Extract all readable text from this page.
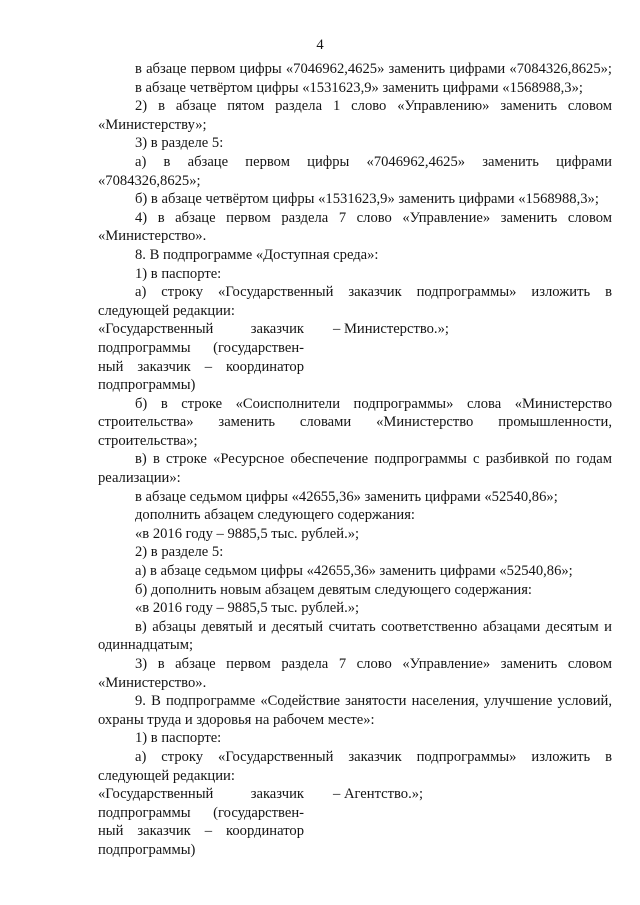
4

в абзаце первом цифры «7046962,4625» заменить цифрами «7084326,8625»;

в абзаце четвёртом цифры «1531623,9» заменить цифрами «1568988,3»;

2) в абзаце пятом раздела 1 слово «Управлению» заменить словом «Министерству»;

3) в разделе 5:

а) в абзаце первом цифры «7046962,4625» заменить цифрами «7084326,8625»;

б) в абзаце четвёртом цифры «1531623,9» заменить цифрами «1568988,3»;

4) в абзаце первом раздела 7 слово «Управление» заменить словом «Министерство».

8. В подпрограмме «Доступная среда»:

1) в паспорте:

а) строку «Государственный заказчик подпрограммы» изложить в следующей редакции:

«Государственный заказчик
подпрограммы (государствен-
ный заказчик – координатор
подпрограммы)
– Министерство.»;

б) в строке «Соисполнители подпрограммы» слова «Министерство строительства» заменить словами «Министерство промышленности, строительства»;

в) в строке «Ресурсное обеспечение подпрограммы с разбивкой по годам реализации»:

в абзаце седьмом цифры «42655,36» заменить цифрами «52540,86»;

дополнить абзацем следующего содержания:

«в 2016 году – 9885,5 тыс. рублей.»;

2) в разделе 5:

а) в абзаце седьмом цифры «42655,36» заменить цифрами «52540,86»;

б) дополнить новым абзацем девятым следующего содержания:

«в 2016 году – 9885,5 тыс. рублей.»;

в) абзацы девятый и десятый считать соответственно абзацами десятым и одиннадцатым;

3) в абзаце первом раздела 7 слово «Управление» заменить словом «Министерство».

9. В подпрограмме «Содействие занятости населения, улучшение условий, охраны труда и здоровья на рабочем месте»:

1) в паспорте:

а) строку «Государственный заказчик подпрограммы» изложить в следующей редакции:

«Государственный заказчик
подпрограммы (государствен-
ный заказчик – координатор
подпрограммы)
– Агентство.»;
